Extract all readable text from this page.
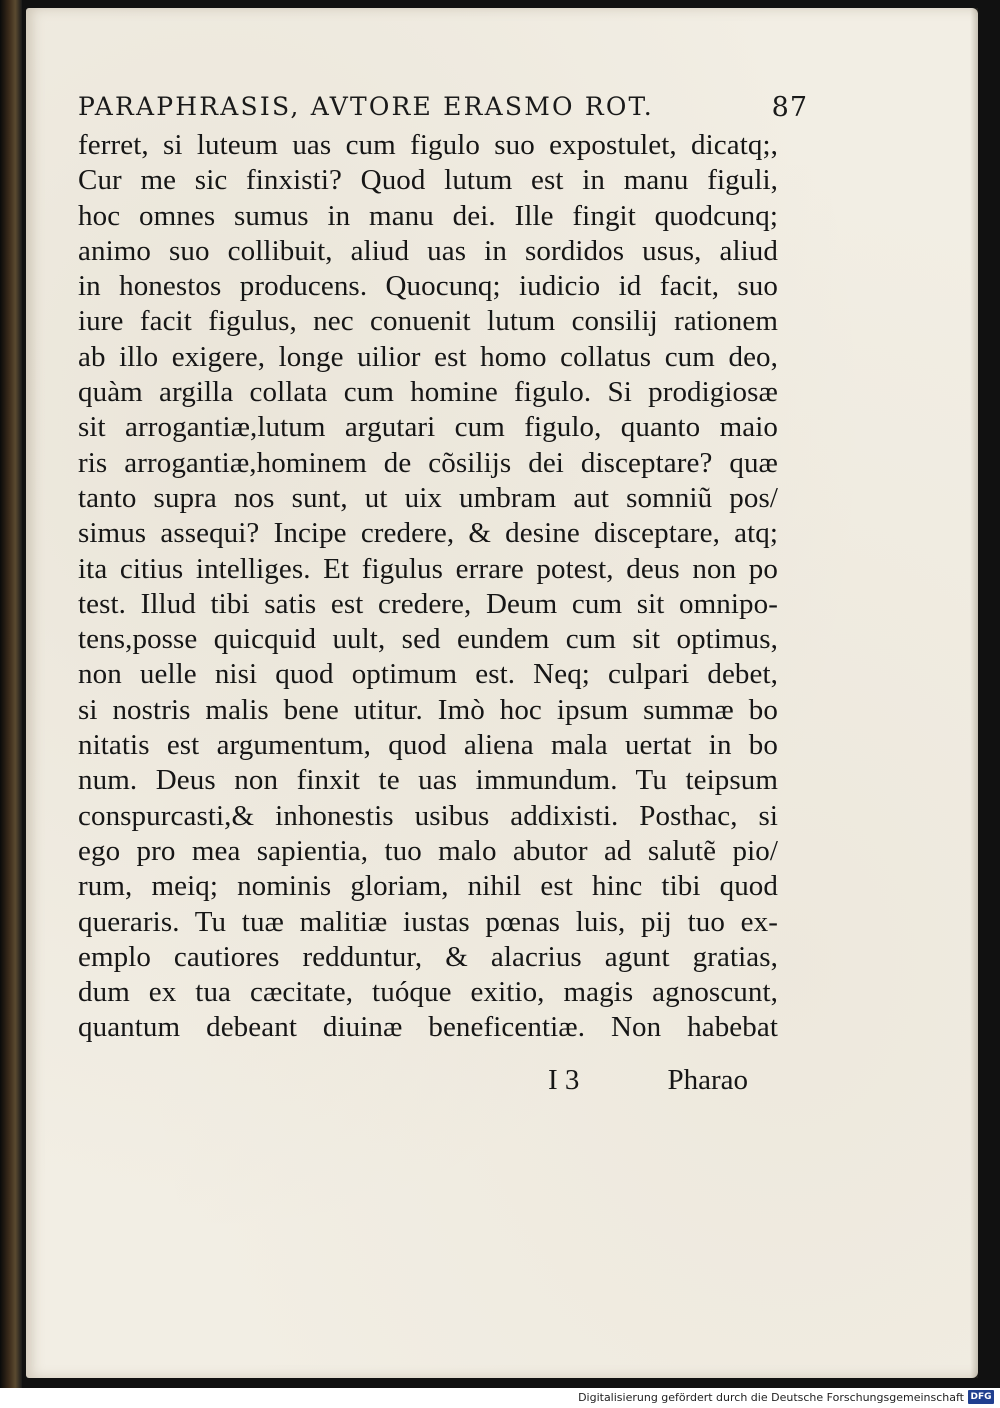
PARAPHRASIS, AVTORE ERASMO ROT.	87
ferret, si luteum uas cum figulo suo expostulet, dicatq;,
Cur me sic finxisti? Quod lutum est in manu figuli,
hoc omnes sumus in manu dei. Ille fingit quodcunq;
animo suo collibuit, aliud uas in sordidos usus, aliud
in honestos producens. Quocunq; iudicio id facit, suo
iure facit figulus, nec conuenit lutum consilij rationem
ab illo exigere, longe uilior est homo collatus cum deo,
quàm argilla collata cum homine figulo. Si prodigiosæ
sit arrogantiæ,lutum argutari cum figulo, quanto maio
ris arrogantiæ,hominem de cõsilijs dei disceptare? quæ
tanto supra nos sunt, ut uix umbram aut somniũ pos/
simus assequi? Incipe credere, & desine disceptare, atq;
ita citius intelliges. Et figulus errare potest, deus non po
test. Illud tibi satis est credere, Deum cum sit omnipo-
tens,posse quicquid uult, sed eundem cum sit optimus,
non uelle nisi quod optimum est. Neq; culpari debet,
si nostris malis bene utitur. Imò hoc ipsum summæ bo
nitatis est argumentum, quod aliena mala uertat in bo
num. Deus non finxit te uas immundum. Tu teipsum
conspurcasti,& inhonestis usibus addixisti. Posthac, si
ego pro mea sapientia, tuo malo abutor ad salutẽ pio/
rum, meiq; nominis gloriam, nihil est hinc tibi quod
queraris. Tu tuæ malitiæ iustas pœnas luis, pij tuo ex-
emplo cautiores redduntur, & alacrius agunt gratias,
dum ex tua cæcitate, tuóque exitio, magis agnoscunt,
quantum debeant diuinæ beneficentiæ. Non habebat
I 3	Pharao
Digitalisierung gefördert durch die Deutsche Forschungsgemeinschaft DFG
